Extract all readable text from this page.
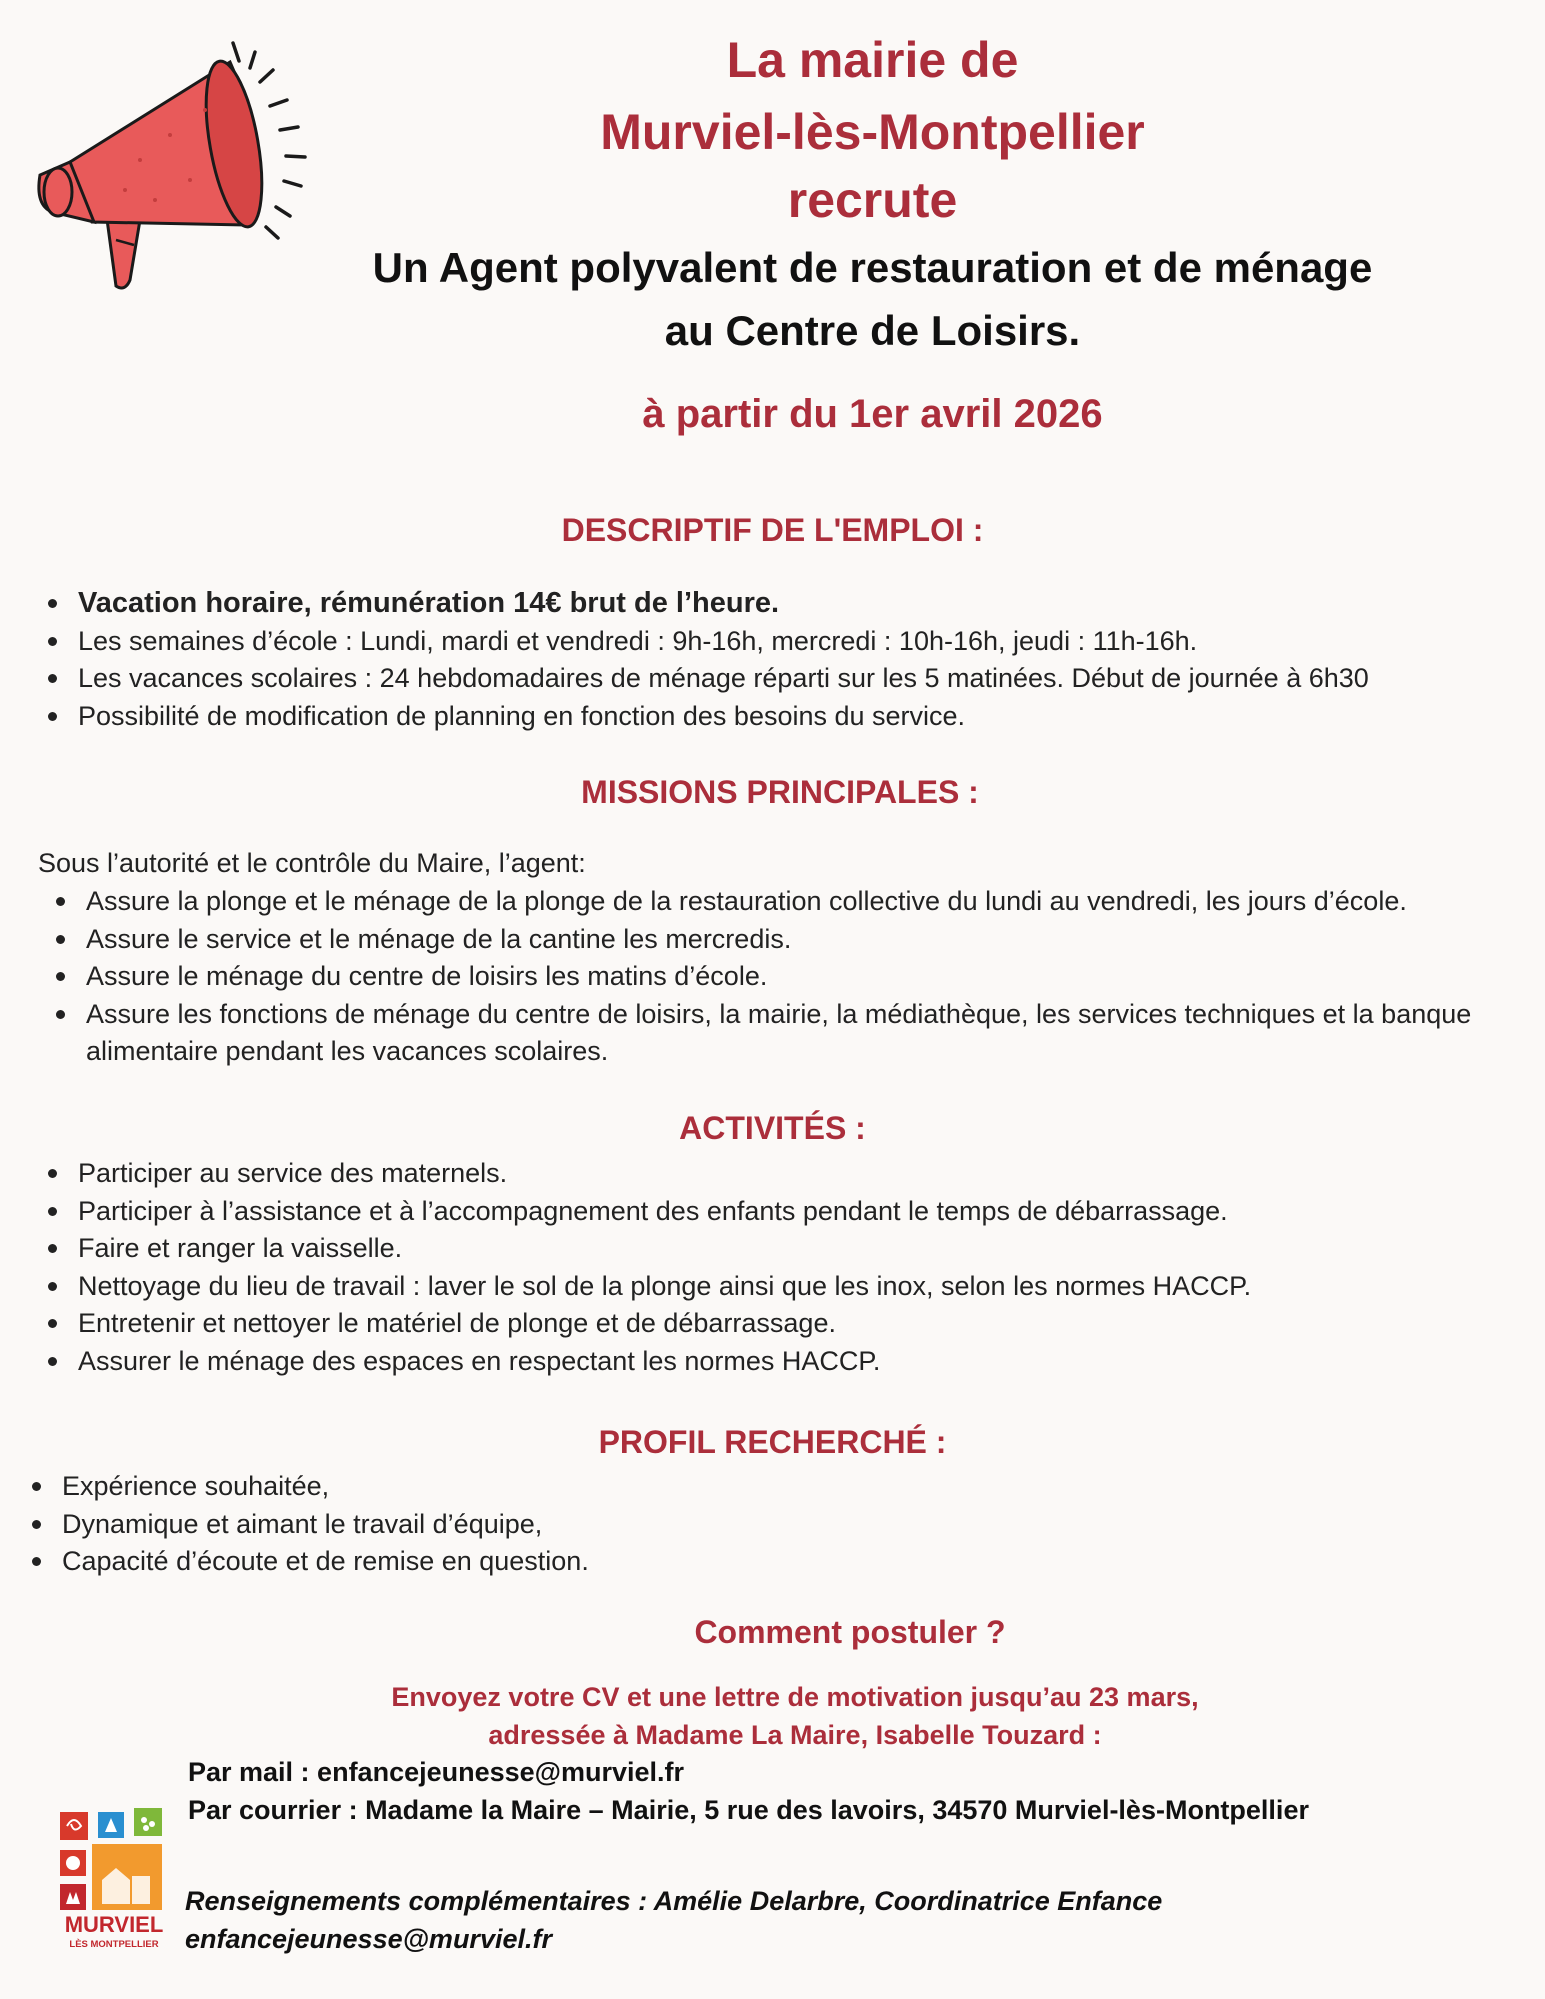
La mairie de
Murviel-lès-Montpellier
recrute
Un Agent polyvalent de restauration et de ménage
au Centre de Loisirs.
à partir du 1er avril 2026
DESCRIPTIF DE L'EMPLOI :
Vacation horaire, rémunération 14€ brut de l’heure.
Les semaines d’école : Lundi, mardi et vendredi : 9h-16h, mercredi : 10h-16h, jeudi : 11h-16h.
Les vacances scolaires : 24 hebdomadaires de ménage réparti sur les 5 matinées. Début de journée à 6h30
Possibilité de modification de planning en fonction des besoins du service.
MISSIONS PRINCIPALES :
Sous l’autorité et le contrôle du Maire, l’agent:
Assure la plonge et le ménage de la plonge de la restauration collective du lundi au vendredi, les jours d’école.
Assure le service et le ménage de la cantine les mercredis.
Assure le ménage du centre de loisirs les matins d’école.
Assure les fonctions de ménage du centre de loisirs, la mairie, la médiathèque, les services techniques et la banque alimentaire pendant les vacances scolaires.
ACTIVITÉS :
Participer au service des maternels.
Participer à l’assistance et à l’accompagnement des enfants pendant le temps de débarrassage.
Faire et ranger la vaisselle.
Nettoyage du lieu de travail : laver le sol de la plonge ainsi que les inox, selon les normes HACCP.
Entretenir et nettoyer le matériel de plonge et de débarrassage.
Assurer le ménage des espaces en respectant les normes HACCP.
PROFIL RECHERCHÉ :
Expérience souhaitée,
Dynamique et aimant le travail d’équipe,
Capacité d’écoute et de remise en question.
Comment postuler ?
Envoyez votre CV et une lettre de motivation jusqu’au 23 mars,
adressée à Madame La Maire, Isabelle Touzard :
Par mail : enfancejeunesse@murviel.fr
Par courrier : Madame la Maire – Mairie, 5 rue des lavoirs, 34570 Murviel-lès-Montpellier
Renseignements complémentaires : Amélie Delarbre, Coordinatrice Enfance
enfancejeunesse@murviel.fr
MURVIEL
LÈS MONTPELLIER
